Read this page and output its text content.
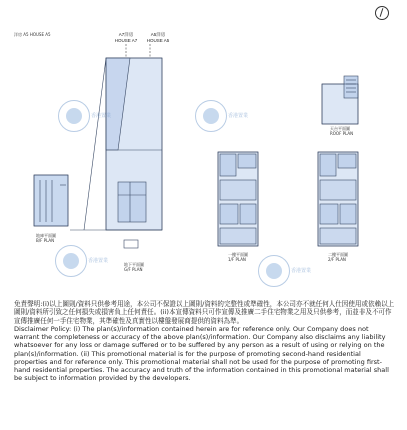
洋房 A5 HOUSE A5	A7洋房
HOUSE A7
A5洋房
HOUSE A5
地庫平面圖
B/F PLAN
地下平面圖
G/F PLAN
一樓平面圖
1/F PLAN
二樓平面圖
2/F PLAN
天台平面圖
ROOF PLAN
香港置業	香港置業
香港置業
香港置業

免責聲明:(i)以上圖則/資料只供參考用途，本公司不保證以上圖則/資料的完整性或準確性，本公司亦不就任何人仕因使用或依賴以上圖則/資料所引致之任何損失或損害負上任何責任。(ii)本宣傳資料只可作宣傳及推廣二手住宅物業之用及只供參考，而並非及不可作宣傳推廣任何一手住宅物業，其準確性及真實性以樓盤發展商提供的資料為準。

Disclaimer Policy: (i) The plan(s)/information contained herein are for reference only. Our Company does not warrant the completeness or accuracy of the above plan(s)/information. Our Company also disclaims any liability whatsoever for any loss or damage suffered or to be suffered by any person as a result of using or relying on the plan(s)/information. (ii) This promotional material is for the purpose of promoting second-hand residential properties and for reference only. This promotional material shall not be used for the purpose of promoting first-hand residential properties. The accuracy and truth of the information contained in this promotional material shall be subject to information provided by the developers.
